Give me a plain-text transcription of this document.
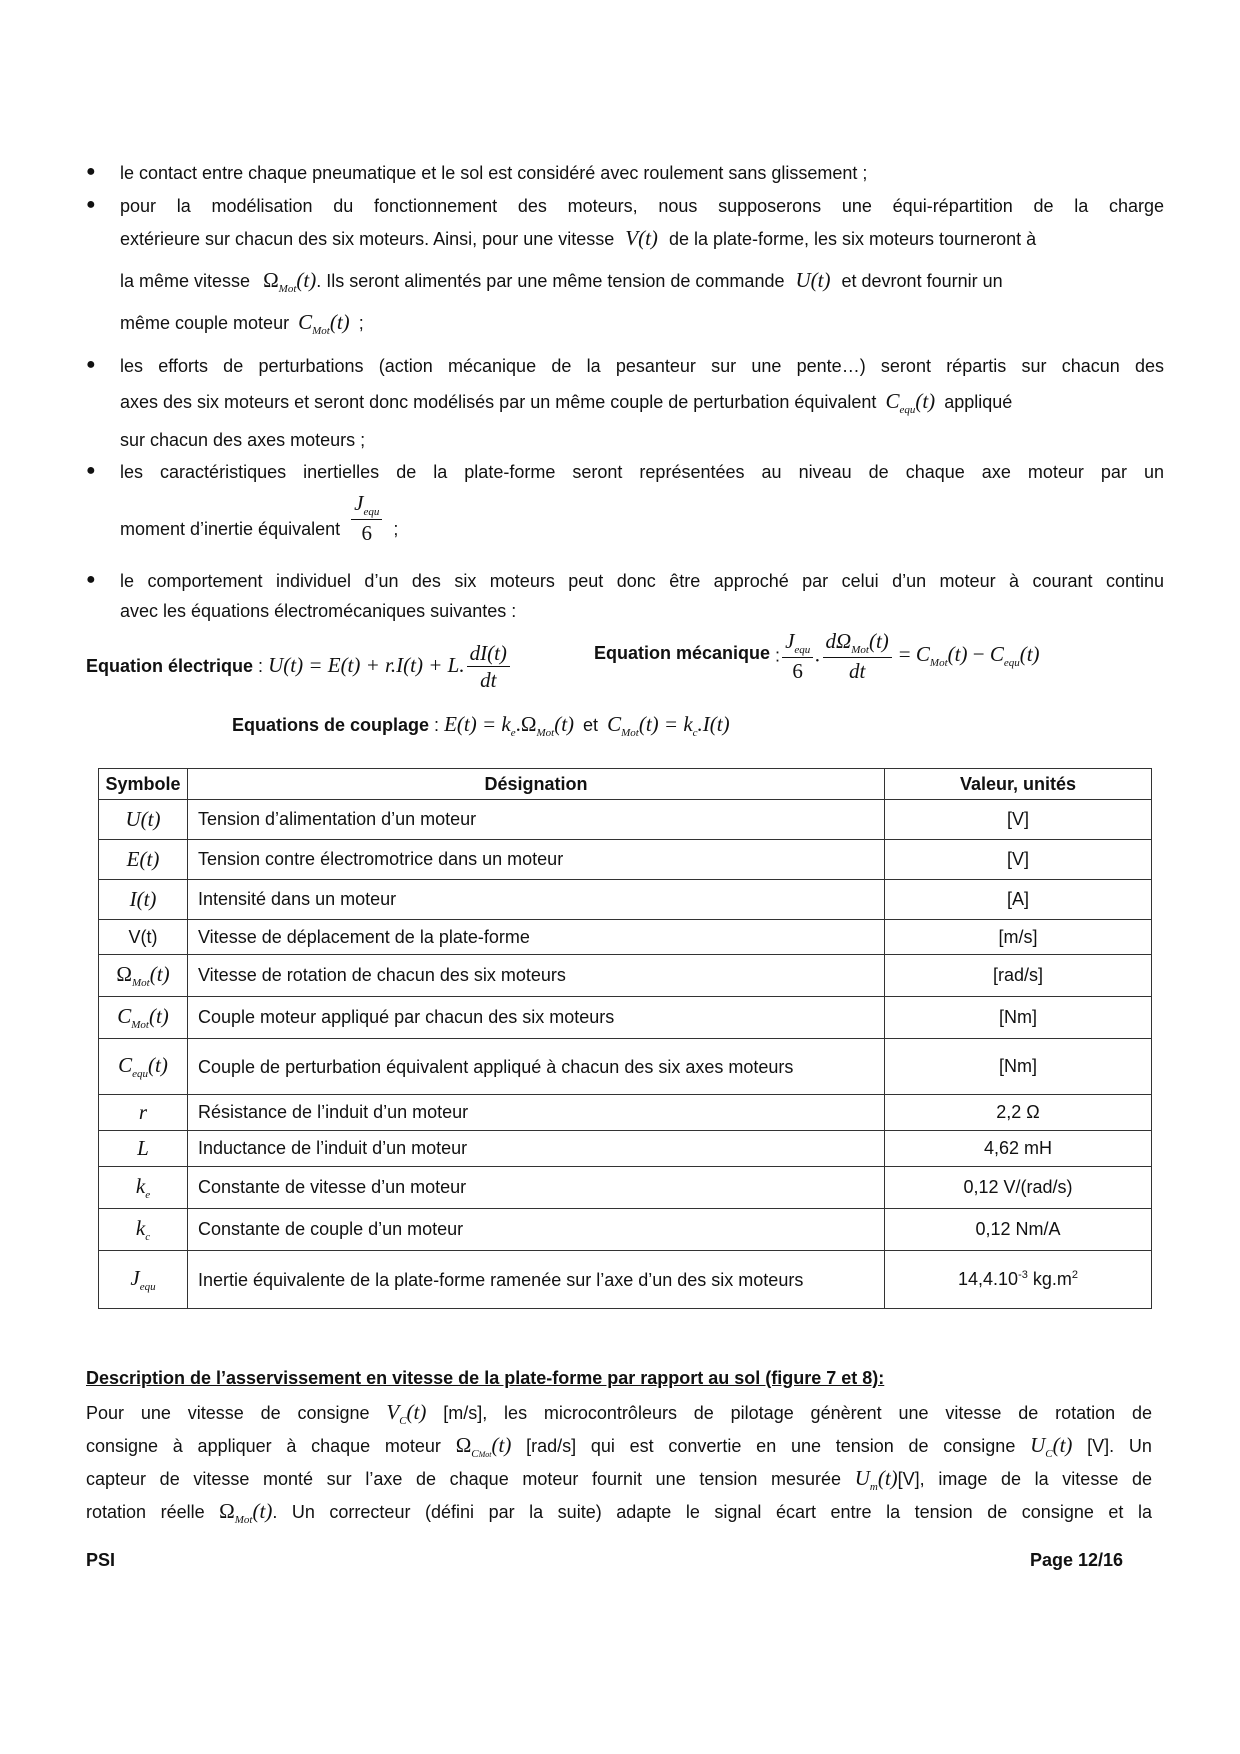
● le contact entre chaque pneumatique et le sol est considéré avec roulement sans glissement ;
● pour la modélisation du fonctionnement des moteurs, nous supposerons une équi-répartition de la charge
extérieure sur chacun des six moteurs. Ainsi, pour une vitesse V(t) de la plate-forme, les six moteurs tourneront à
la même vitesse $\Omega_{Mot}(t)$. Ils seront alimentés par une même tension de commande U(t) et devront fournir un
même couple moteur $C_{Mot}(t)$ ;
● les efforts de perturbations (action mécanique de la pesanteur sur une pente…) seront répartis sur chacun des
axes des six moteurs et seront donc modélisés par un même couple de perturbation équivalent $C_{equ}(t)$ appliqué
sur chacun des axes moteurs ;
● les caractéristiques inertielles de la plate-forme seront représentées au niveau de chaque axe moteur par un
moment d’inertie équivalent $\frac{J_{equ}}{6}$ ;
● le comportement individuel d’un des six moteurs peut donc être approché par celui d’un moteur à courant continu
avec les équations électromécaniques suivantes :
Equation électrique : U(t) = E(t) + r.I(t) + L. $\frac{dI(t)}{dt}$	Equation mécanique : $\frac{J_{equ}}{6}$ . $\frac{d\Omega_{Mot}(t)}{dt} = C_{Mot}(t) - C_{equ}(t)$
Equations de couplage : $E(t) = k_e.\Omega_{Mot}(t)$ et $C_{Mot}(t) = k_c.I(t)$
Symbole	Désignation	Valeur, unités
U(t)	Tension d’alimentation d’un moteur	[V]
E(t)	Tension contre électromotrice dans un moteur	[V]
I(t)	Intensité dans un moteur	[A]
V(t)	Vitesse de déplacement de la plate-forme	[m/s]
$\Omega_{Mot}(t)$	Vitesse de rotation de chacun des six moteurs	[rad/s]
$C_{Mot}(t)$	Couple moteur appliqué par chacun des six moteurs	[Nm]
$C_{equ}(t)$	Couple de perturbation équivalent appliqué à chacun des six axes moteurs	[Nm]
r	Résistance de l’induit d’un moteur	2,2 Ω
L	Inductance de l’induit d’un moteur	4,62 mH
$k_e$	Constante de vitesse d’un moteur	0,12 V/(rad/s)
$k_c$	Constante de couple d’un moteur	0,12 Nm/A
$J_{equ}$	Inertie équivalente de la plate-forme ramenée sur l’axe d’un des six moteurs	$14,4.10^{-3}$ $kg.m^2$
Description de l’asservissement en vitesse de la plate-forme par rapport au sol (figure 7 et 8):
Pour une vitesse de consigne $V_C(t)$ [m/s], les microcontrôleurs de pilotage génèrent une vitesse de rotation de
consigne à appliquer à chaque moteur $\Omega_{CMot}(t)$ [rad/s] qui est convertie en une tension de consigne $U_C(t)$ [V]. Un
capteur de vitesse monté sur l’axe de chaque moteur fournit une tension mesurée $U_m(t)[V]$, image de la vitesse de
rotation réelle $\Omega_{Mot}(t)$. Un correcteur (défini par la suite) adapte le signal écart entre la tension de consigne et la
PSI	Page 12/16
